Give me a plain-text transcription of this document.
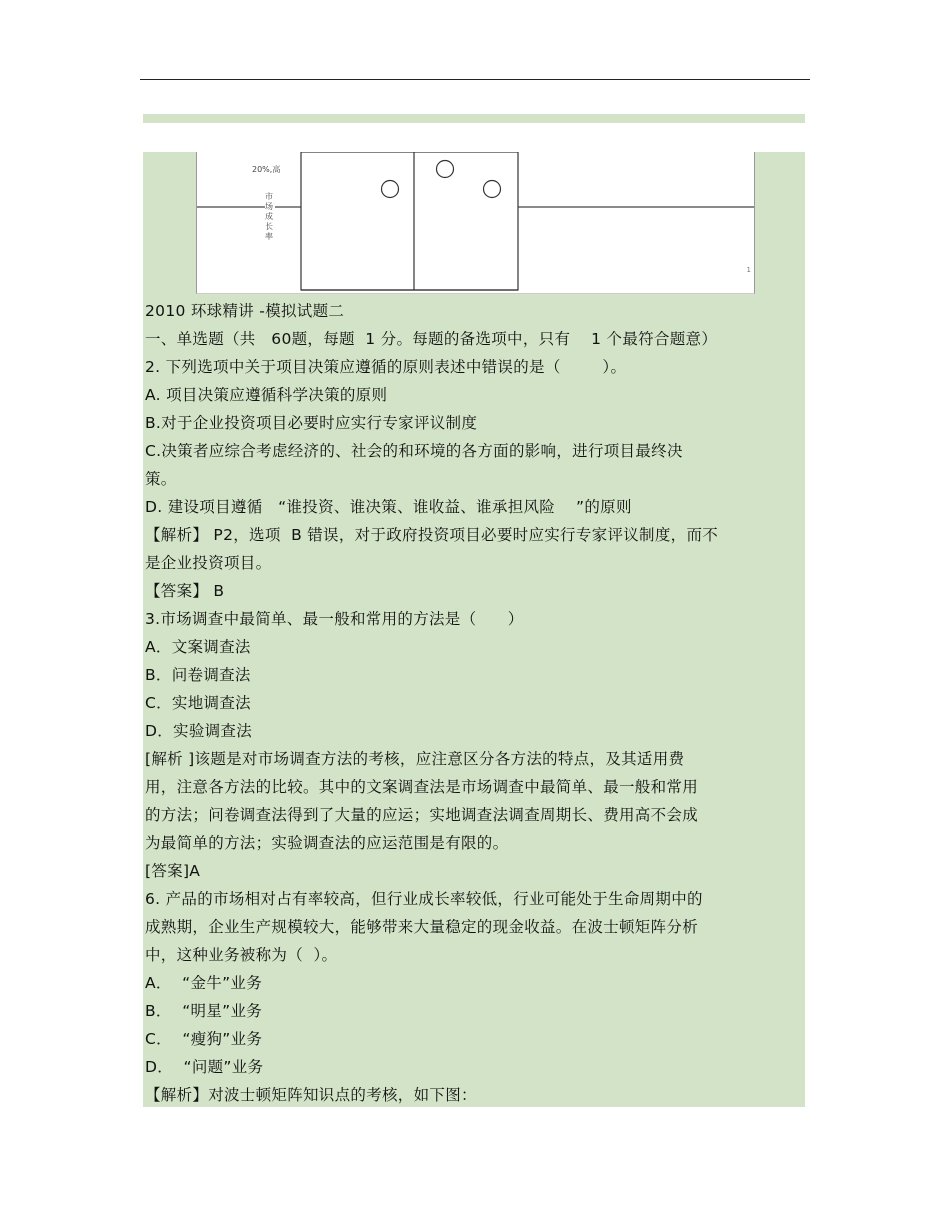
20%,高
1
市场成长率
2010 环球精讲 -模拟试题二
一、单选题（共   60题，每题  1 分。每题的备选项中，只有    1 个最符合题意）
2. 下列选项中关于项目决策应遵循的原则表述中错误的是（        ）。
A. 项目决策应遵循科学决策的原则
B.对于企业投资项目必要时应实行专家评议制度
C.决策者应综合考虑经济的、社会的和环境的各方面的影响，进行项目最终决
策。
D. 建设项目遵循   “谁投资、谁决策、谁收益、谁承担风险    ”的原则
【解析】 P2，选项  B 错误，对于政府投资项目必要时应实行专家评议制度，而不
是企业投资项目。
【答案】 B
3.市场调查中最简单、最一般和常用的方法是（      ）
A．文案调查法
B．问卷调查法
C．实地调查法
D．实验调查法
[解析 ]该题是对市场调查方法的考核，应注意区分各方法的特点，及其适用费
用，注意各方法的比较。其中的文案调查法是市场调查中最简单、最一般和常用
的方法；问卷调查法得到了大量的应运；实地调查法调查周期长、费用高不会成
为最简单的方法；实验调查法的应运范围是有限的。
[答案]A
6. 产品的市场相对占有率较高，但行业成长率较低，行业可能处于生命周期中的
成熟期，企业生产规模较大，能够带来大量稳定的现金收益。在波士顿矩阵分析
中，这种业务被称为（  ）。
A．  “金牛”业务
B．  “明星”业务
C．  “瘦狗”业务
D．  “问题”业务
【解析】对波士顿矩阵知识点的考核，如下图：
